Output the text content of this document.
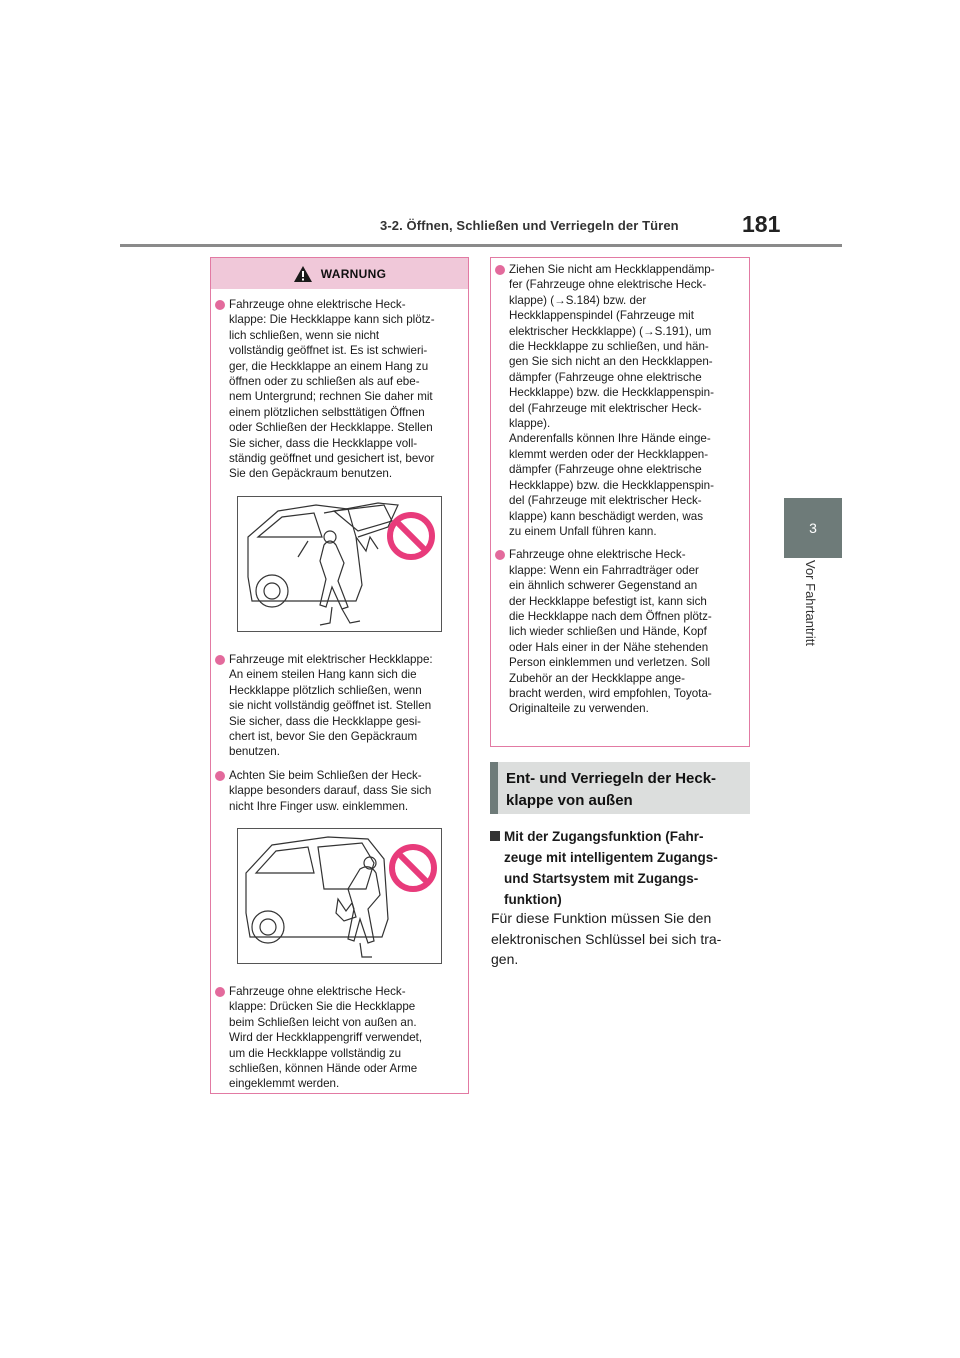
3-2. Öffnen, Schließen und Verriegeln der Türen	181
3
Vor Fahrtantritt
WARNUNG

Fahrzeuge ohne elektrische Heck-
klappe: Die Heckklappe kann sich plötz-
lich schließen, wenn sie nicht
vollständig geöffnet ist. Es ist schwieri-
ger, die Heckklappe an einem Hang zu
öffnen oder zu schließen als auf ebe-
nem Untergrund; rechnen Sie daher mit
einem plötzlichen selbsttätigen Öffnen
oder Schließen der Heckklappe. Stellen
Sie sicher, dass die Heckklappe voll-
ständig geöffnet und gesichert ist, bevor
Sie den Gepäckraum benutzen.

Fahrzeuge mit elektrischer Heckklappe:
An einem steilen Hang kann sich die
Heckklappe plötzlich schließen, wenn
sie nicht vollständig geöffnet ist. Stellen
Sie sicher, dass die Heckklappe gesi-
chert ist, bevor Sie den Gepäckraum
benutzen.

Achten Sie beim Schließen der Heck-
klappe besonders darauf, dass Sie sich
nicht Ihre Finger usw. einklemmen.

Fahrzeuge ohne elektrische Heck-
klappe: Drücken Sie die Heckklappe
beim Schließen leicht von außen an.
Wird der Heckklappengriff verwendet,
um die Heckklappe vollständig zu
schließen, können Hände oder Arme
eingeklemmt werden.

Ziehen Sie nicht am Heckklappendämp-
fer (Fahrzeuge ohne elektrische Heck-
klappe) (→S.184) bzw. der
Heckklappenspindel (Fahrzeuge mit
elektrischer Heckklappe) (→S.191), um
die Heckklappe zu schließen, und hän-
gen Sie sich nicht an den Heckklappen-
dämpfer (Fahrzeuge ohne elektrische
Heckklappe) bzw. die Heckklappenspin-
del (Fahrzeuge mit elektrischer Heck-
klappe).
Anderenfalls können Ihre Hände einge-
klemmt werden oder der Heckklappen-
dämpfer (Fahrzeuge ohne elektrische
Heckklappe) bzw. die Heckklappenspin-
del (Fahrzeuge mit elektrischer Heck-
klappe) kann beschädigt werden, was
zu einem Unfall führen kann.

Fahrzeuge ohne elektrische Heck-
klappe: Wenn ein Fahrradträger oder
ein ähnlich schwerer Gegenstand an
der Heckklappe befestigt ist, kann sich
die Heckklappe nach dem Öffnen plötz-
lich wieder schließen und Hände, Kopf
oder Hals einer in der Nähe stehenden
Person einklemmen und verletzen. Soll
Zubehör an der Heckklappe ange-
bracht werden, wird empfohlen, Toyota-
Originalteile zu verwenden.

Ent- und Verriegeln der Heck-
klappe von außen
Mit der Zugangsfunktion (Fahr-
zeuge mit intelligentem Zugangs-
und Startsystem mit Zugangs-
funktion)
Für diese Funktion müssen Sie den
elektronischen Schlüssel bei sich tra-
gen.
